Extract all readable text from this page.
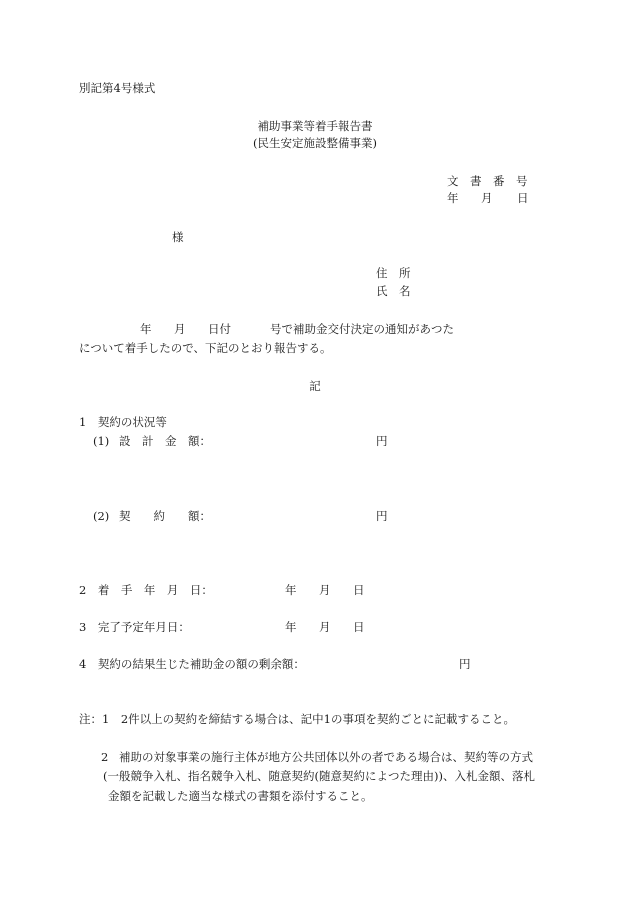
別記第4号様式
補助事業等着手報告書
(民生安定施設整備事業)
文　書　番　号
年 月 日
様
住　所
氏　名
年 月 日付	号で補助金交付決定の通知があつた
について着手したので、下記のとおり報告する。
記
1　契約の状況等
(1) 設　計　金　額：	円
(2) 契　　約　　額：	円
2　着　手　年　月　日：	年 月 日
3　完了予定年月日：	年 月 日
4　契約の結果生じた補助金の額の剰余額：	円
注：1　2件以上の契約を締結する場合は、記中1の事項を契約ごとに記載すること。
2 補助の対象事業の施行主体が地方公共団体以外の者である場合は、契約等の方式
(一般競争入札、指名競争入札、随意契約(随意契約によつた理由))、入札金額、落札
金額を記載した適当な様式の書類を添付すること。
